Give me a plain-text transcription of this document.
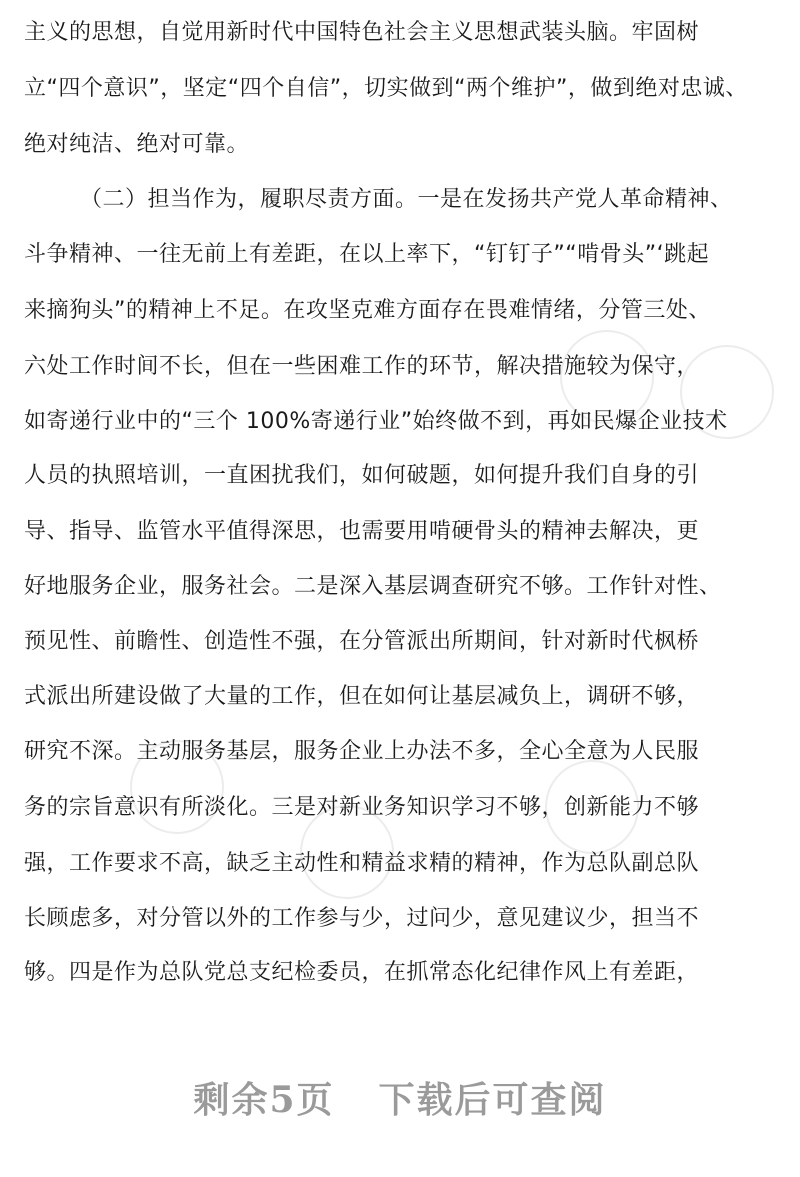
主义的思想，自觉用新时代中国特色社会主义思想武装头脑。牢固树
立“四个意识”，坚定“四个自信”，切实做到“两个维护”，做到绝对忠诚、
绝对纯洁、绝对可靠。
（二）担当作为，履职尽责方面。一是在发扬共产党人革命精神、
斗争精神、一往无前上有差距，在以上率下，“钉钉子”“啃骨头”‘跳起
来摘狗头”的精神上不足。在攻坚克难方面存在畏难情绪，分管三处、
六处工作时间不长，但在一些困难工作的环节，解决措施较为保守，
如寄递行业中的“三个 100%寄递行业”始终做不到，再如民爆企业技术
人员的执照培训，一直困扰我们，如何破题，如何提升我们自身的引
导、指导、监管水平值得深思，也需要用啃硬骨头的精神去解决，更
好地服务企业，服务社会。二是深入基层调查研究不够。工作针对性、
预见性、前瞻性、创造性不强，在分管派出所期间，针对新时代枫桥
式派出所建设做了大量的工作，但在如何让基层减负上，调研不够，
研究不深。主动服务基层，服务企业上办法不多，全心全意为人民服
务的宗旨意识有所淡化。三是对新业务知识学习不够，创新能力不够
强，工作要求不高，缺乏主动性和精益求精的精神，作为总队副总队
长顾虑多，对分管以外的工作参与少，过问少，意见建议少，担当不
够。四是作为总队党总支纪检委员，在抓常态化纪律作风上有差距，
剩余5页 下载后可查阅
